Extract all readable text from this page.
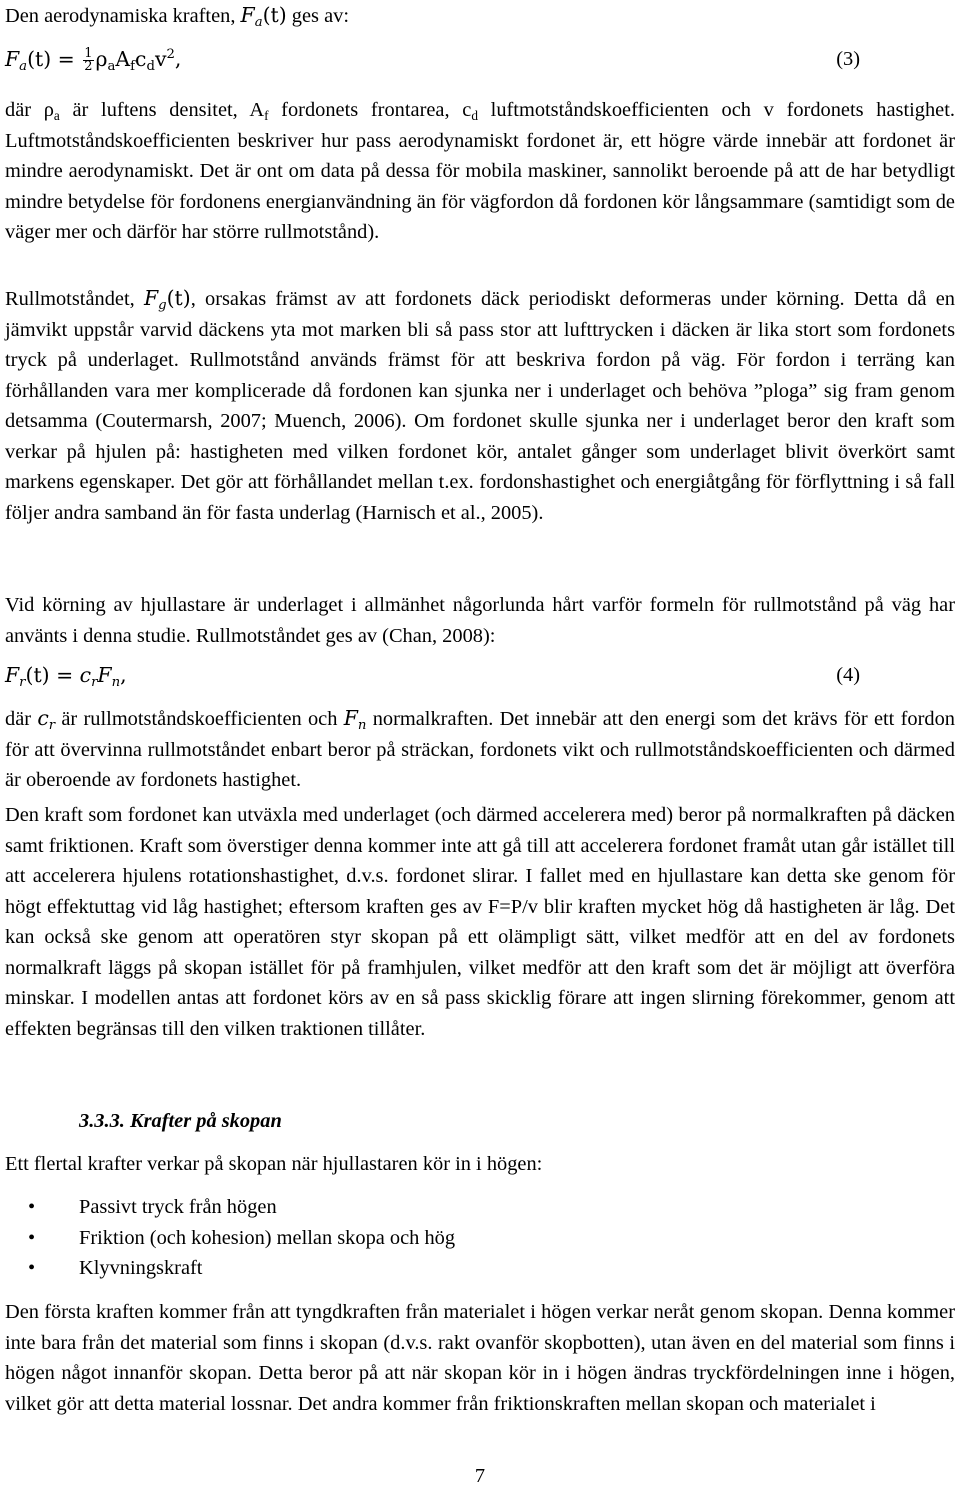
Den aerodynamiska kraften, $F_a(t)$ ges av:

$F_a(t) = \frac{1}{2} \rho_aA_fc_dv^2$,	(3)

där $\rho_a$ är luftens densitet, $A_f$ fordonets frontarea, $c_d$ luftmotståndskoefficienten och v fordonets hastighet. Luftmotståndskoefficienten beskriver hur pass aerodynamiskt fordonet är, ett högre värde innebär att fordonet är mindre aerodynamiskt. Det är ont om data på dessa för mobila maskiner, sannolikt beroende på att de har betydligt mindre betydelse för fordonens energianvändning än för vägfordon då fordonen kör långsammare (samtidigt som de väger mer och därför har större rullmotstånd).

Rullmotståndet, $F_g(t)$, orsakas främst av att fordonets däck periodiskt deformeras under körning. Detta då en jämvikt uppstår varvid däckens yta mot marken bli så pass stor att lufttrycken i däcken är lika stort som fordonets tryck på underlaget. Rullmotstånd används främst för att beskriva fordon på väg. För fordon i terräng kan förhållanden vara mer komplicerade då fordonen kan sjunka ner i underlaget och behöva ”ploga” sig fram genom detsamma (Coutermarsh, 2007; Muench, 2006). Om fordonet skulle sjunka ner i underlaget beror den kraft som verkar på hjulen på: hastigheten med vilken fordonet kör, antalet gånger som underlaget blivit överkört samt markens egenskaper. Det gör att förhållandet mellan t.ex. fordonshastighet och energiåtgång för förflyttning i så fall följer andra samband än för fasta underlag (Harnisch et al., 2005).

Vid körning av hjullastare är underlaget i allmänhet någorlunda hårt varför formeln för rullmotstånd på väg har använts i denna studie. Rullmotståndet ges av (Chan, 2008):

$F_r(t) = c_rF_n$,	(4)

där $c_r$ är rullmotståndskoefficienten och $F_n$ normalkraften. Det innebär att den energi som det krävs för ett fordon för att övervinna rullmotståndet enbart beror på sträckan, fordonets vikt och rullmotståndskoefficienten och därmed är oberoende av fordonets hastighet.

Den kraft som fordonet kan utväxla med underlaget (och därmed accelerera med) beror på normalkraften på däcken samt friktionen. Kraft som överstiger denna kommer inte att gå till att accelerera fordonet framåt utan går istället till att accelerera hjulens rotationshastighet, d.v.s. fordonet slirar. I fallet med en hjullastare kan detta ske genom för högt effektuttag vid låg hastighet; eftersom kraften ges av F=P/v blir kraften mycket hög då hastigheten är låg. Det kan också ske genom att operatören styr skopan på ett olämpligt sätt, vilket medför att en del av fordonets normalkraft läggs på skopan istället för på framhjulen, vilket medför att den kraft som det är möjligt att överföra minskar. I modellen antas att fordonet körs av en så pass skicklig förare att ingen slirning förekommer, genom att effekten begränsas till den vilken traktionen tillåter.

3.3.3. Krafter på skopan

Ett flertal krafter verkar på skopan när hjullastaren kör in i högen:

• Passivt tryck från högen
• Friktion (och kohesion) mellan skopa och hög
• Klyvningskraft

Den första kraften kommer från att tyngdkraften från materialet i högen verkar neråt genom skopan. Denna kommer inte bara från det material som finns i skopan (d.v.s. rakt ovanför skopbotten), utan även en del material som finns i högen något innanför skopan. Detta beror på att när skopan kör in i högen ändras tryckfördelningen inne i högen, vilket gör att detta material lossnar. Det andra kommer från friktionskraften mellan skopan och materialet i

7
